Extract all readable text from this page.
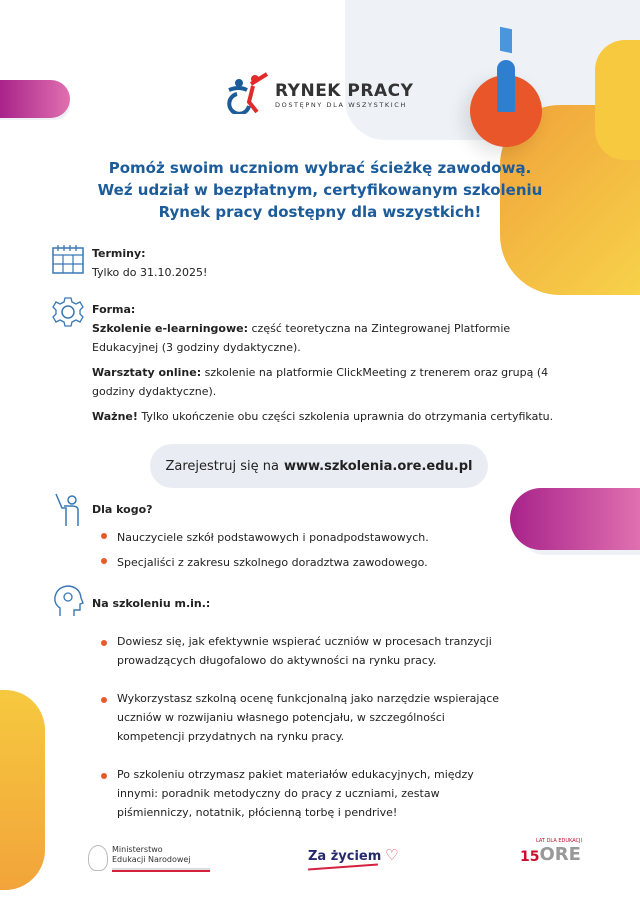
RYNEK PRACY
DOSTĘPNY DLA WSZYSTKICH
Pomóż swoim uczniom wybrać ścieżkę zawodową.
Weź udział w bezpłatnym, certyfikowanym szkoleniu
Rynek pracy dostępny dla wszystkich!
Terminy:
Tylko do 31.10.2025!
Forma:
Szkolenie e-learningowe: część teoretyczna na Zintegrowanej Platformie Edukacyjnej (3 godziny dydaktyczne).
Warsztaty online: szkolenie na platformie ClickMeeting z trenerem oraz grupą (4 godziny dydaktyczne).
Ważne! Tylko ukończenie obu części szkolenia uprawnia do otrzymania certyfikatu.
Zarejestruj się na www.szkolenia.ore.edu.pl
Dla kogo?
Nauczyciele szkół podstawowych i ponadpodstawowych.
Specjaliści z zakresu szkolnego doradztwa zawodowego.
Na szkoleniu m.in.:
Dowiesz się, jak efektywnie wspierać uczniów w procesach tranzycji prowadzących długofalowo do aktywności na rynku pracy.
Wykorzystasz szkolną ocenę funkcjonalną jako narzędzie wspierające uczniów w rozwijaniu własnego potencjału, w szczególności kompetencji przydatnych na rynku pracy.
Po szkoleniu otrzymasz pakiet materiałów edukacyjnych, między innymi: poradnik metodyczny do pracy z uczniami, zestaw piśmienniczy, notatnik, płócienną torbę i pendrive!
Ministerstwo
Edukacji Narodowej	Za życiem ♡
LAT DLA EDUKACJI
15 ORE
